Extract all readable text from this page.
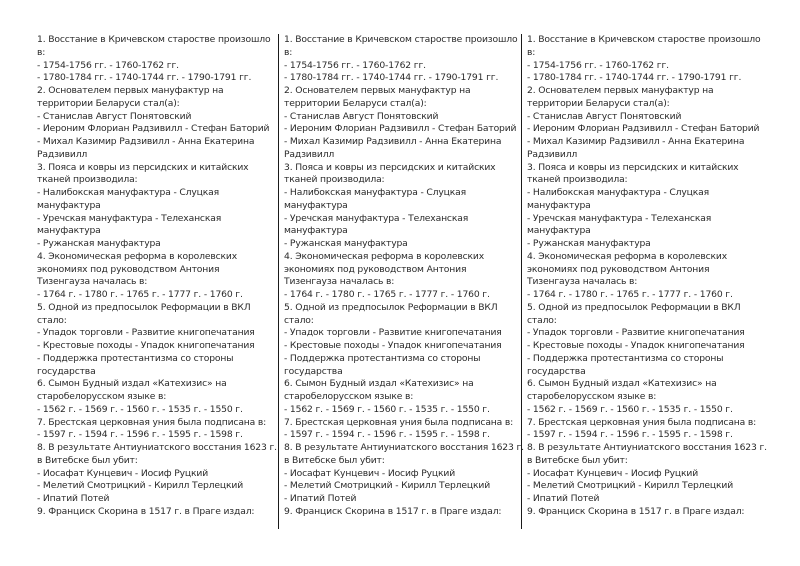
1. Восстание в Кричевском старостве произошло
в:
- 1754-1756 гг. - 1760-1762 гг.
- 1780-1784 гг. - 1740-1744 гг. - 1790-1791 гг.
2. Основателем первых мануфактур на
территории Беларуси стал(а):
- Станислав Август Понятовский
- Иероним Флориан Радзивилл - Стефан Баторий
- Михал Казимир Радзивилл - Анна Екатерина
Радзивилл
3. Пояса и ковры из персидских и китайских
тканей производила:
- Налибокская мануфактура - Слуцкая
мануфактура
- Уречская мануфактура - Телеханская
мануфактура
- Ружанская мануфактура
4. Экономическая реформа в королевских
экономиях под руководством Антония
Тизенгауза началась в:
- 1764 г. - 1780 г. - 1765 г. - 1777 г. - 1760 г.
5. Одной из предпосылок Реформации в ВКЛ
стало:
- Упадок торговли - Развитие книгопечатания
- Крестовые походы - Упадок книгопечатания
- Поддержка протестантизма со стороны
государства
6. Сымон Будный издал «Катехизис» на
старобелорусском языке в:
- 1562 г. - 1569 г. - 1560 г. - 1535 г. - 1550 г.
7. Брестская церковная уния была подписана в:
- 1597 г. - 1594 г. - 1596 г. - 1595 г. - 1598 г.
8. В результате Антиуниатского восстания 1623 г.
в Витебске был убит:
- Иосафат Кунцевич - Иосиф Руцкий
- Мелетий Смотрицкий - Кирилл Терлецкий
- Ипатий Потей
9. Франциск Скорина в 1517 г. в Праге издал:
1. Восстание в Кричевском старостве произошло
в:
- 1754-1756 гг. - 1760-1762 гг.
- 1780-1784 гг. - 1740-1744 гг. - 1790-1791 гг.
2. Основателем первых мануфактур на
территории Беларуси стал(а):
- Станислав Август Понятовский
- Иероним Флориан Радзивилл - Стефан Баторий
- Михал Казимир Радзивилл - Анна Екатерина
Радзивилл
3. Пояса и ковры из персидских и китайских
тканей производила:
- Налибокская мануфактура - Слуцкая
мануфактура
- Уречская мануфактура - Телеханская
мануфактура
- Ружанская мануфактура
4. Экономическая реформа в королевских
экономиях под руководством Антония
Тизенгауза началась в:
- 1764 г. - 1780 г. - 1765 г. - 1777 г. - 1760 г.
5. Одной из предпосылок Реформации в ВКЛ
стало:
- Упадок торговли - Развитие книгопечатания
- Крестовые походы - Упадок книгопечатания
- Поддержка протестантизма со стороны
государства
6. Сымон Будный издал «Катехизис» на
старобелорусском языке в:
- 1562 г. - 1569 г. - 1560 г. - 1535 г. - 1550 г.
7. Брестская церковная уния была подписана в:
- 1597 г. - 1594 г. - 1596 г. - 1595 г. - 1598 г.
8. В результате Антиуниатского восстания 1623 г.
в Витебске был убит:
- Иосафат Кунцевич - Иосиф Руцкий
- Мелетий Смотрицкий - Кирилл Терлецкий
- Ипатий Потей
9. Франциск Скорина в 1517 г. в Праге издал:
1. Восстание в Кричевском старостве произошло
в:
- 1754-1756 гг. - 1760-1762 гг.
- 1780-1784 гг. - 1740-1744 гг. - 1790-1791 гг.
2. Основателем первых мануфактур на
территории Беларуси стал(а):
- Станислав Август Понятовский
- Иероним Флориан Радзивилл - Стефан Баторий
- Михал Казимир Радзивилл - Анна Екатерина
Радзивилл
3. Пояса и ковры из персидских и китайских
тканей производила:
- Налибокская мануфактура - Слуцкая
мануфактура
- Уречская мануфактура - Телеханская
мануфактура
- Ружанская мануфактура
4. Экономическая реформа в королевских
экономиях под руководством Антония
Тизенгауза началась в:
- 1764 г. - 1780 г. - 1765 г. - 1777 г. - 1760 г.
5. Одной из предпосылок Реформации в ВКЛ
стало:
- Упадок торговли - Развитие книгопечатания
- Крестовые походы - Упадок книгопечатания
- Поддержка протестантизма со стороны
государства
6. Сымон Будный издал «Катехизис» на
старобелорусском языке в:
- 1562 г. - 1569 г. - 1560 г. - 1535 г. - 1550 г.
7. Брестская церковная уния была подписана в:
- 1597 г. - 1594 г. - 1596 г. - 1595 г. - 1598 г.
8. В результате Антиуниатского восстания 1623 г.
в Витебске был убит:
- Иосафат Кунцевич - Иосиф Руцкий
- Мелетий Смотрицкий - Кирилл Терлецкий
- Ипатий Потей
9. Франциск Скорина в 1517 г. в Праге издал:
